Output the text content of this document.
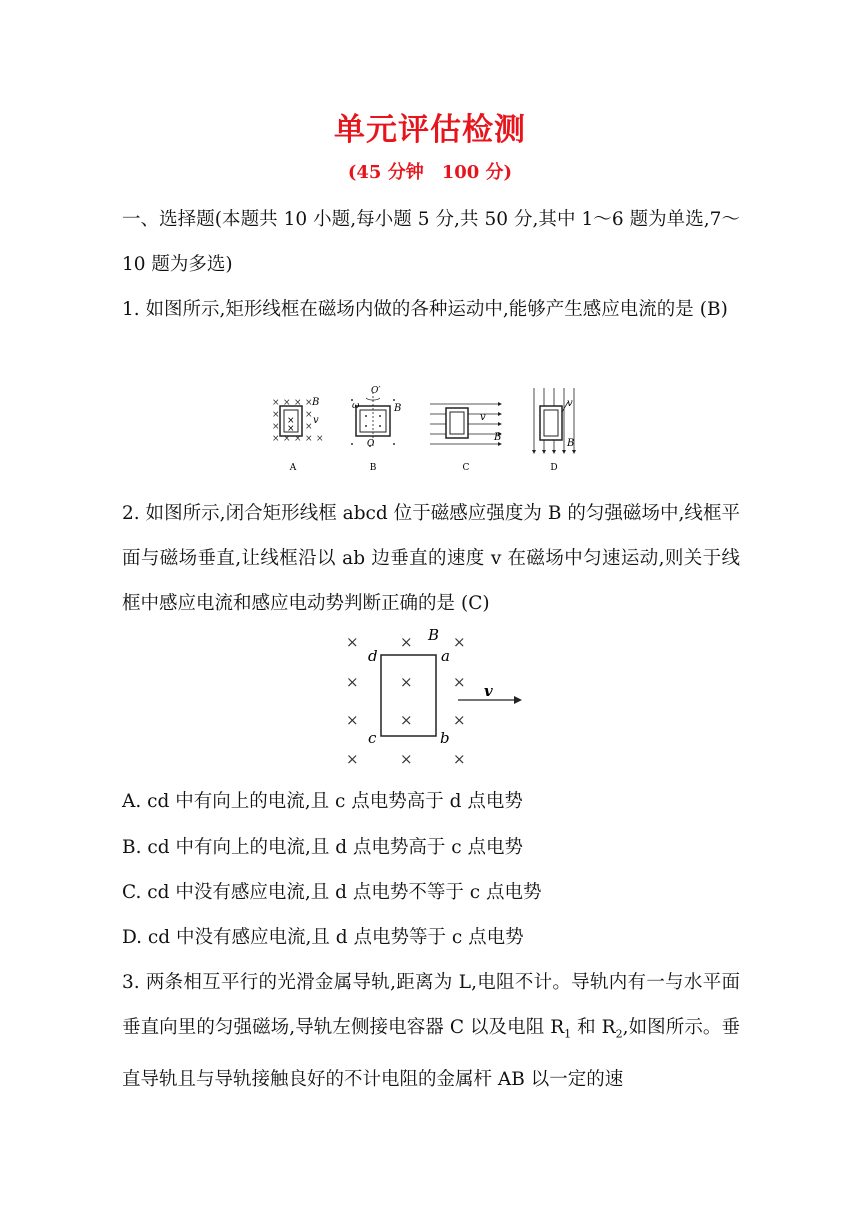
单元评估检测
(45 分钟　100 分)

一、选择题(本题共 10 小题,每小题 5 分,共 50 分,其中 1～6 题为单选,7～10 题为多选)

1. 如图所示,矩形线框在磁场内做的各种运动中,能够产生感应电流的是 (B)

× × × ×
×	×
×	×
× × × × ×
×
×
B
v
A
O′
ω	B
O
B
v
B
C
v
B
D

2. 如图所示,闭合矩形线框 abcd 位于磁感应强度为 B 的匀强磁场中,线框平面与磁场垂直,让线框沿以 ab 边垂直的速度 v 在磁场中匀速运动,则关于线框中感应电流和感应电动势判断正确的是 (C)

×	×	×
×	×	×
×	×	×
×	×	×
B
d	a
c	b
v

A. cd 中有向上的电流,且 c 点电势高于 d 点电势

B. cd 中有向上的电流,且 d 点电势高于 c 点电势

C. cd 中没有感应电流,且 d 点电势不等于 c 点电势

D. cd 中没有感应电流,且 d 点电势等于 c 点电势

3. 两条相互平行的光滑金属导轨,距离为 L,电阻不计。导轨内有一与水平面垂直向里的匀强磁场,导轨左侧接电容器 C 以及电阻 $R_1$ 和 $R_2$,如图所示。垂直导轨且与导轨接触良好的不计电阻的金属杆 AB 以一定的速
